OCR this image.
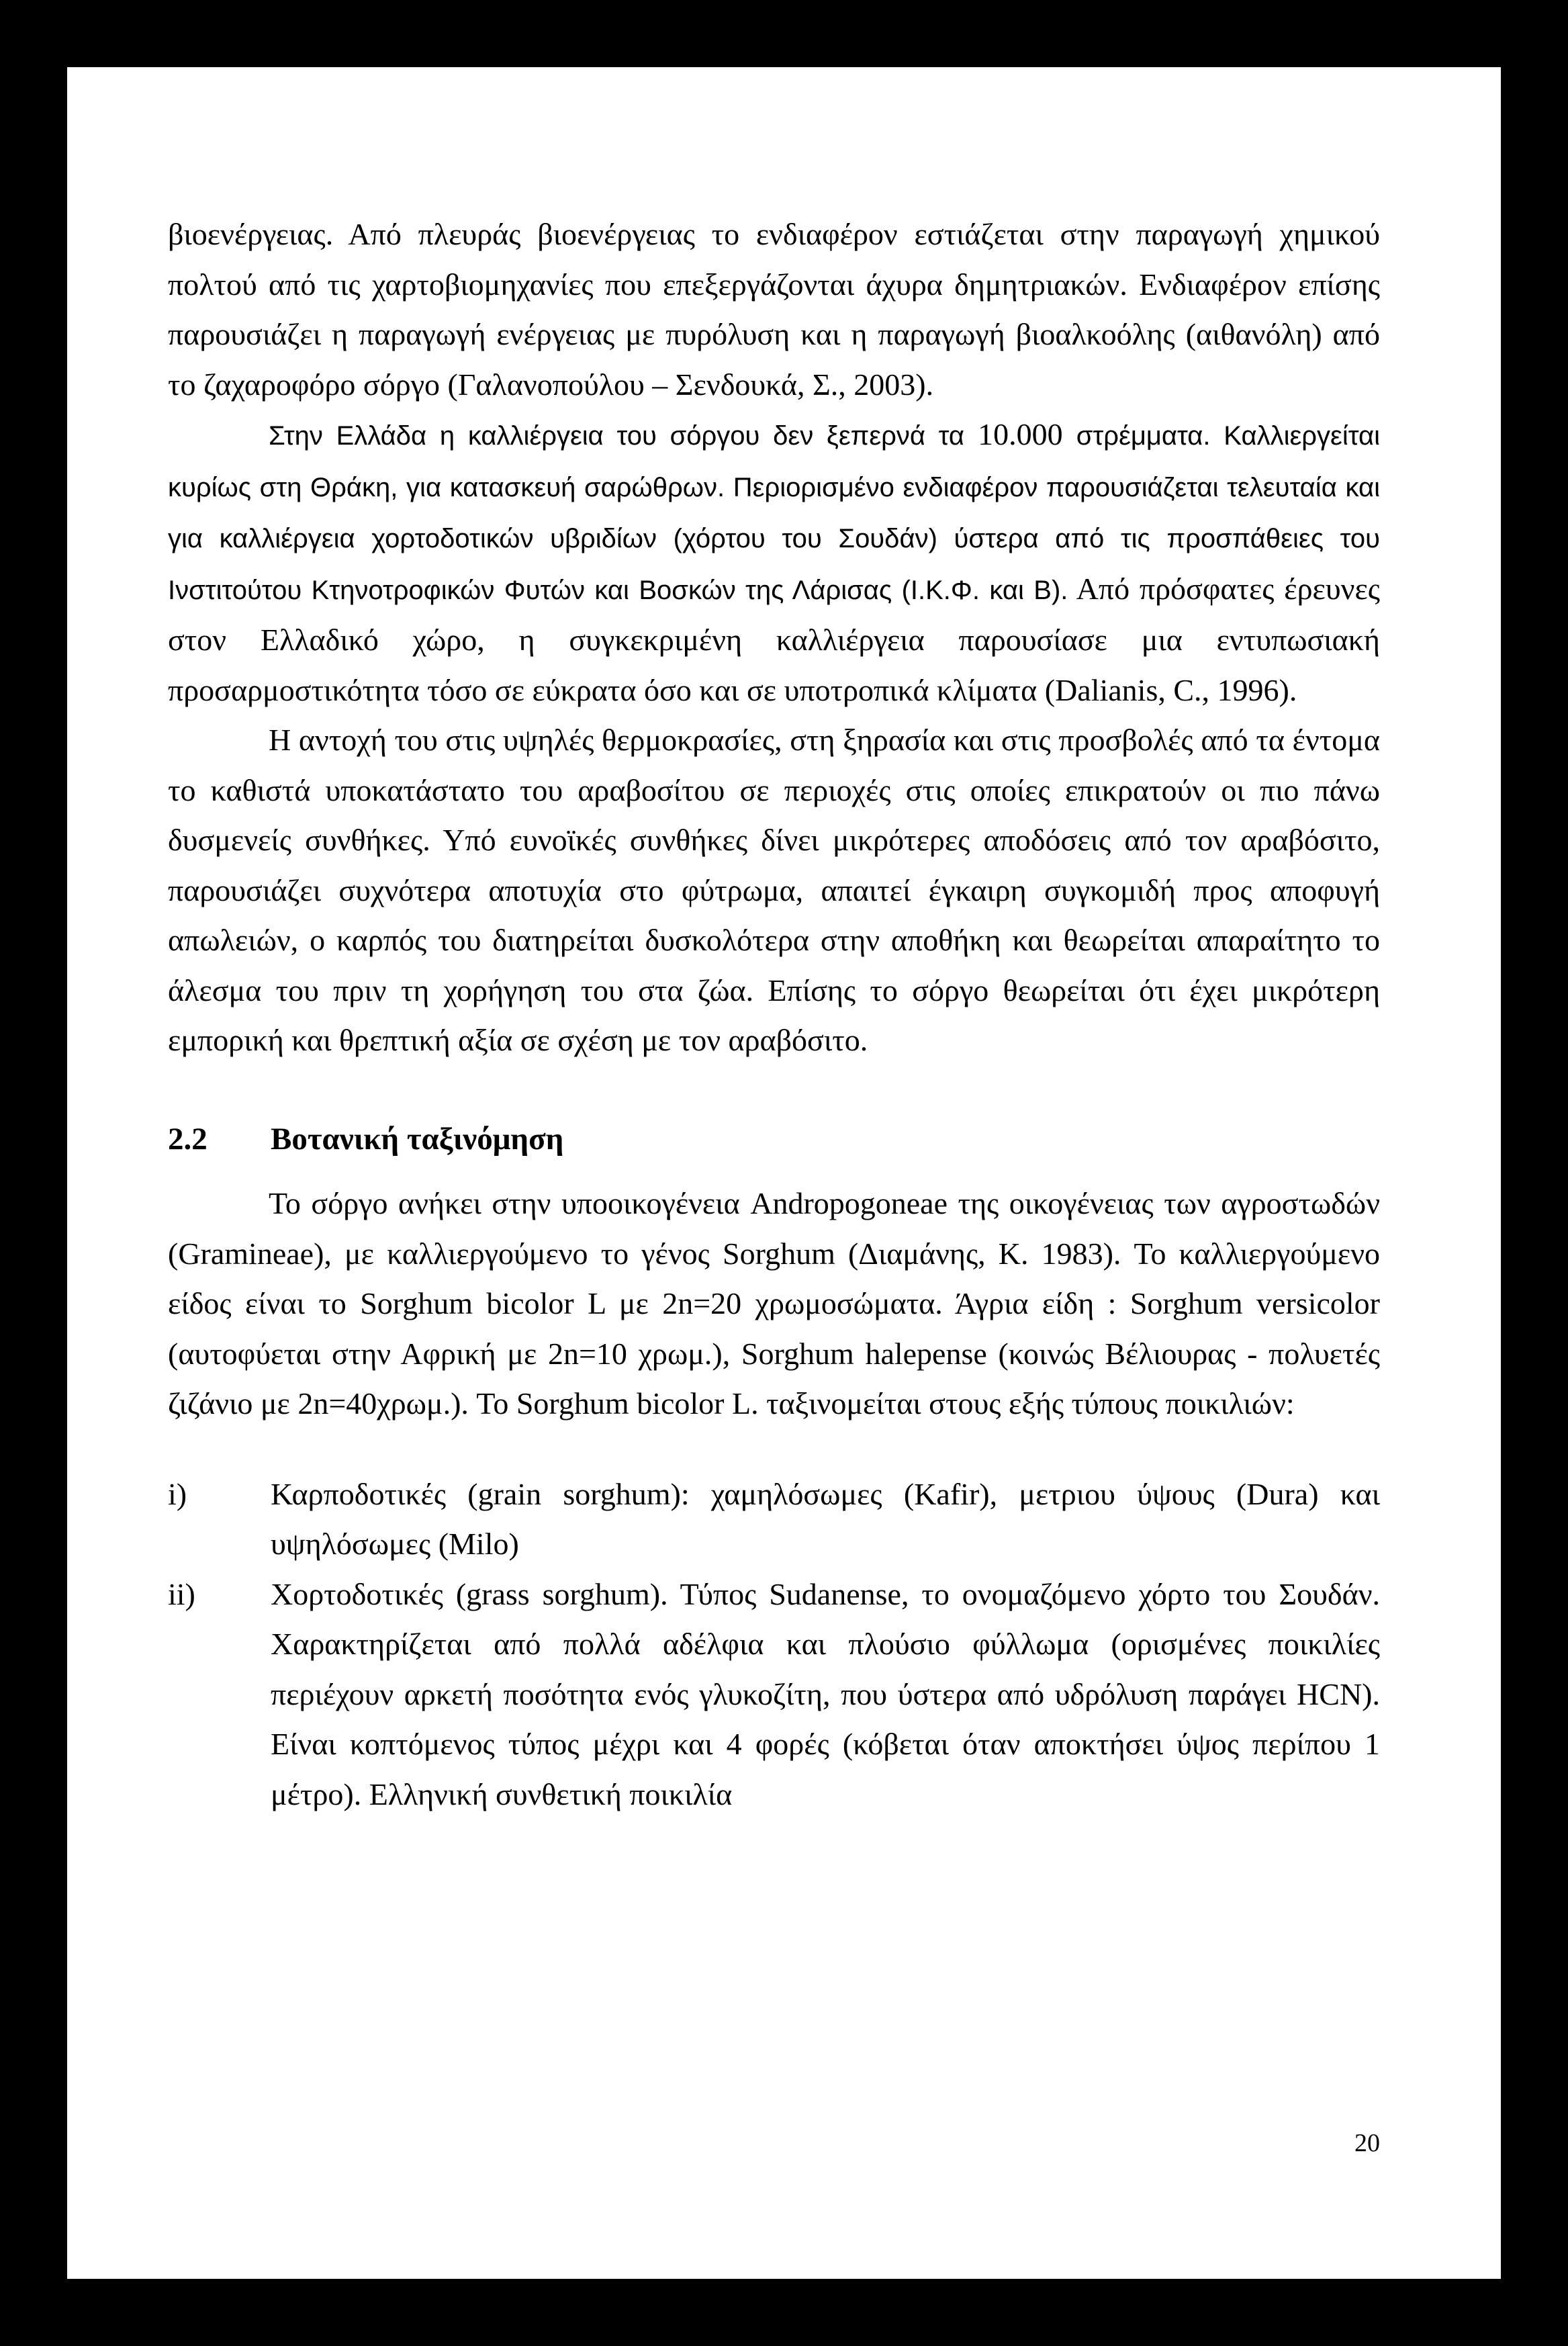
βιοενέργειας. Από πλευράς βιοενέργειας το ενδιαφέρον εστιάζεται στην παραγωγή χημικού πολτού από τις χαρτοβιομηχανίες που επεξεργάζονται άχυρα δημητριακών. Ενδιαφέρον επίσης παρουσιάζει η παραγωγή ενέργειας με πυρόλυση και η παραγωγή βιοαλκοόλης (αιθανόλη) από το ζαχαροφόρο σόργο (Γαλανοπούλου – Σενδουκά, Σ., 2003).

Στην Ελλάδα η καλλιέργεια του σόργου δεν ξεπερνά τα 10.000 στρέμματα. Καλλιεργείται κυρίως στη Θράκη, για κατασκευή σαρώθρων. Περιορισμένο ενδιαφέρον παρουσιάζεται τελευταία και για καλλιέργεια χορτοδοτικών υβριδίων (χόρτου του Σουδάν) ύστερα από τις προσπάθειες του Ινστιτούτου Κτηνοτροφικών Φυτών και Βοσκών της Λάρισας (Ι.Κ.Φ. και Β). Από πρόσφατες έρευνες στον Ελλαδικό χώρο, η συγκεκριμένη καλλιέργεια παρουσίασε μια εντυπωσιακή προσαρμοστικότητα τόσο σε εύκρατα όσο και σε υποτροπικά κλίματα (Dalianis, C., 1996).

Η αντοχή του στις υψηλές θερμοκρασίες, στη ξηρασία και στις προσβολές από τα έντομα το καθιστά υποκατάστατο του αραβοσίτου σε περιοχές στις οποίες επικρατούν οι πιο πάνω δυσμενείς συνθήκες. Υπό ευνοϊκές συνθήκες δίνει μικρότερες αποδόσεις από τον αραβόσιτο, παρουσιάζει συχνότερα αποτυχία στο φύτρωμα, απαιτεί έγκαιρη συγκομιδή προς αποφυγή απωλειών, ο καρπός του διατηρείται δυσκολότερα στην αποθήκη και θεωρείται απαραίτητο το άλεσμα του πριν τη χορήγηση του στα ζώα. Επίσης το σόργο θεωρείται ότι έχει μικρότερη εμπορική και θρεπτική αξία σε σχέση με τον αραβόσιτο.

2.2	Βοτανική ταξινόμηση

Το σόργο ανήκει στην υποοικογένεια Andropogoneae της οικογένειας των αγροστωδών (Gramineae), με καλλιεργούμενο το γένος Sorghum (Διαμάνης, Κ. 1983). Το καλλιεργούμενο είδος είναι το Sorghum bicolor L με 2n=20 χρωμοσώματα. Άγρια είδη : Sorghum versicolor (αυτοφύεται στην Αφρική με 2n=10 χρωμ.), Sorghum halepense (κοινώς Βέλιουρας - πολυετές ζιζάνιο με 2n=40χρωμ.). Το Sorghum bicolor L. ταξινομείται στους εξής τύπους ποικιλιών:

i)	Καρποδοτικές (grain sorghum): χαμηλόσωμες (Kafir), μετριου ύψους (Dura) και υψηλόσωμες (Milo)
ii)	Χορτοδοτικές (grass sorghum). Τύπος Sudanense, το ονομαζόμενο χόρτο του Σουδάν. Χαρακτηρίζεται από πολλά αδέλφια και πλούσιο φύλλωμα (ορισμένες ποικιλίες περιέχουν αρκετή ποσότητα ενός γλυκοζίτη, που ύστερα από υδρόλυση παράγει HCN). Είναι κοπτόμενος τύπος μέχρι και 4 φορές (κόβεται όταν αποκτήσει ύψος περίπου 1 μέτρο). Ελληνική συνθετική ποικιλία
20
